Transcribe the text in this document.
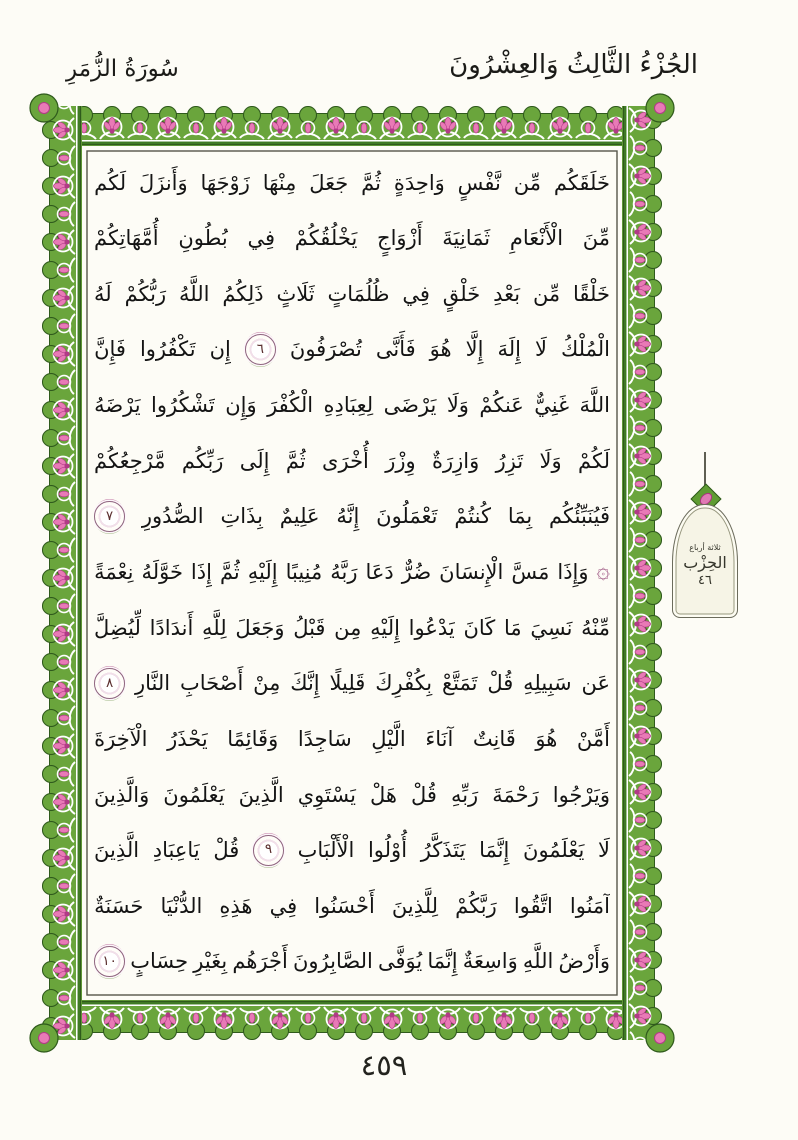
الجُزْءُ الثَّالِثُ وَالعِشْرُونَ
سُورَةُ الزُّمَرِ
خَلَقَكُم
مِّن
نَّفْسٍ
وَاحِدَةٍ
ثُمَّ
جَعَلَ
مِنْهَا
زَوْجَهَا
وَأَنزَلَ
لَكُم
مِّنَ
الْأَنْعَامِ
ثَمَانِيَةَ
أَزْوَاجٍ
يَخْلُقُكُمْ
فِي
بُطُونِ
أُمَّهَاتِكُمْ
خَلْقًا
مِّن
بَعْدِ
خَلْقٍ
فِي
ظُلُمَاتٍ
ثَلَاثٍ
ذَلِكُمُ
اللَّهُ
رَبُّكُمْ
لَهُ
الْمُلْكُ
لَا
إِلَهَ
إِلَّا
هُوَ
فَأَنَّى
تُصْرَفُونَ
٦
إِن
تَكْفُرُوا
فَإِنَّ
اللَّهَ
غَنِيٌّ
عَنكُمْ
وَلَا
يَرْضَى
لِعِبَادِهِ
الْكُفْرَ
وَإِن
تَشْكُرُوا
يَرْضَهُ
لَكُمْ
وَلَا
تَزِرُ
وَازِرَةٌ
وِزْرَ
أُخْرَى
ثُمَّ
إِلَى
رَبِّكُم
مَّرْجِعُكُمْ
فَيُنَبِّئُكُم
بِمَا
كُنتُمْ
تَعْمَلُونَ
إِنَّهُ
عَلِيمٌ
بِذَاتِ
الصُّدُورِ
٧
۞
وَإِذَا
مَسَّ
الْإِنسَانَ
ضُرٌّ
دَعَا
رَبَّهُ
مُنِيبًا
إِلَيْهِ
ثُمَّ
إِذَا
خَوَّلَهُ
نِعْمَةً
مِّنْهُ
نَسِيَ
مَا
كَانَ
يَدْعُوا
إِلَيْهِ
مِن
قَبْلُ
وَجَعَلَ
لِلَّهِ
أَندَادًا
لِّيُضِلَّ
عَن
سَبِيلِهِ
قُلْ
تَمَتَّعْ
بِكُفْرِكَ
قَلِيلًا
إِنَّكَ
مِنْ
أَصْحَابِ
النَّارِ
٨
أَمَّنْ
هُوَ
قَانِتٌ
آنَاءَ
الَّيْلِ
سَاجِدًا
وَقَائِمًا
يَحْذَرُ
الْآخِرَةَ
وَيَرْجُوا
رَحْمَةَ
رَبِّهِ
قُلْ
هَلْ
يَسْتَوِي
الَّذِينَ
يَعْلَمُونَ
وَالَّذِينَ
لَا
يَعْلَمُونَ
إِنَّمَا
يَتَذَكَّرُ
أُوْلُوا
الْأَلْبَابِ
٩
قُلْ
يَاعِبَادِ
الَّذِينَ
آمَنُوا
اتَّقُوا
رَبَّكُمْ
لِلَّذِينَ
أَحْسَنُوا
فِي
هَذِهِ
الدُّنْيَا
حَسَنَةٌ
وَأَرْضُ
اللَّهِ
وَاسِعَةٌ
إِنَّمَا
يُوَفَّى
الصَّابِرُونَ
أَجْرَهُم
بِغَيْرِ
حِسَابٍ
١٠
ثلاثة أرباع
الحِزْب
٤٦
٤٥٩
